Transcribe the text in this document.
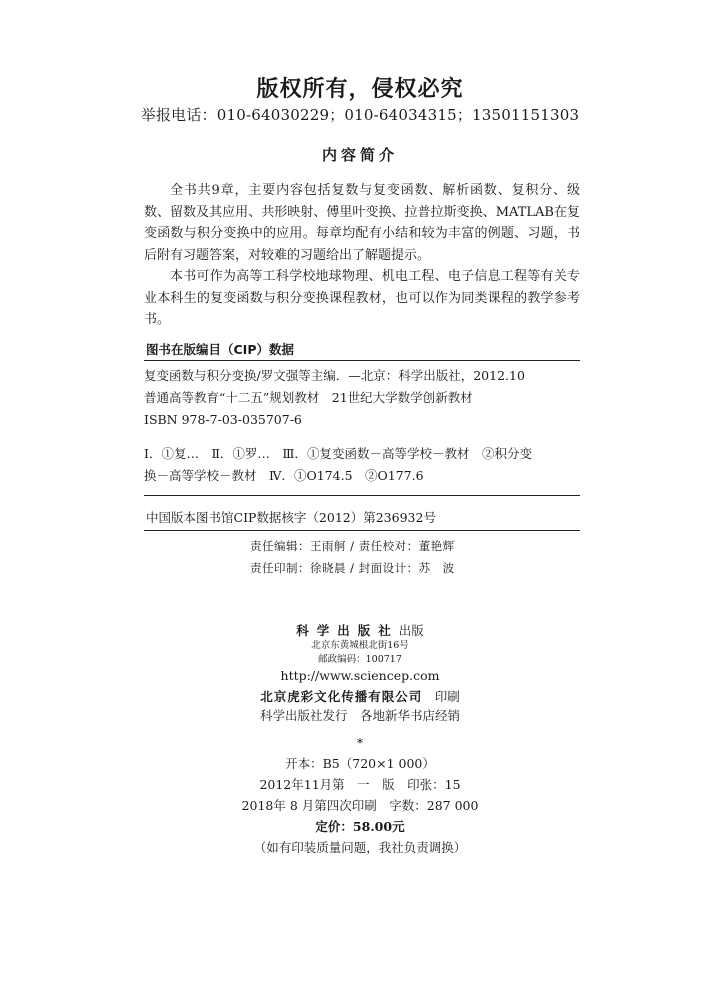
版权所有，侵权必究
举报电话：010-64030229；010-64034315；13501151303
内容简介

全书共9章，主要内容包括复数与复变函数、解析函数、复积分、级数、留数及其应用、共形映射、傅里叶变换、拉普拉斯变换、MATLAB在复变函数与积分变换中的应用。每章均配有小结和较为丰富的例题、习题，书后附有习题答案，对较难的习题给出了解题提示。

本书可作为高等工科学校地球物理、机电工程、电子信息工程等有关专业本科生的复变函数与积分变换课程教材，也可以作为同类课程的教学参考书。

图书在版编目（CIP）数据
复变函数与积分变换/罗文强等主编．—北京：科学出版社，2012.10
普通高等教育“十二五”规划教材　21世纪大学数学创新教材
ISBN 978-7-03-035707-6
Ⅰ．①复…　Ⅱ．①罗…　Ⅲ．①复变函数－高等学校－教材　②积分变
换－高等学校－教材　Ⅳ．①O174.5　②O177.6
中国版本图书馆CIP数据核字（2012）第236932号
责任编辑：王雨舸 / 责任校对：董艳辉
责任印制：徐晓晨 / 封面设计：苏　波
科学出版社出版
北京东黄城根北街16号
邮政编码：100717
http://www.sciencep.com
北京虎彩文化传播有限公司　 印刷
科学出版社发行　各地新华书店经销
*
开本：B5（720×1 000）
2012年11月第　一　版　印张：15
2018年 8 月第四次印刷　字数：287 000
定价：58.00元
（如有印装质量问题，我社负责调换）
